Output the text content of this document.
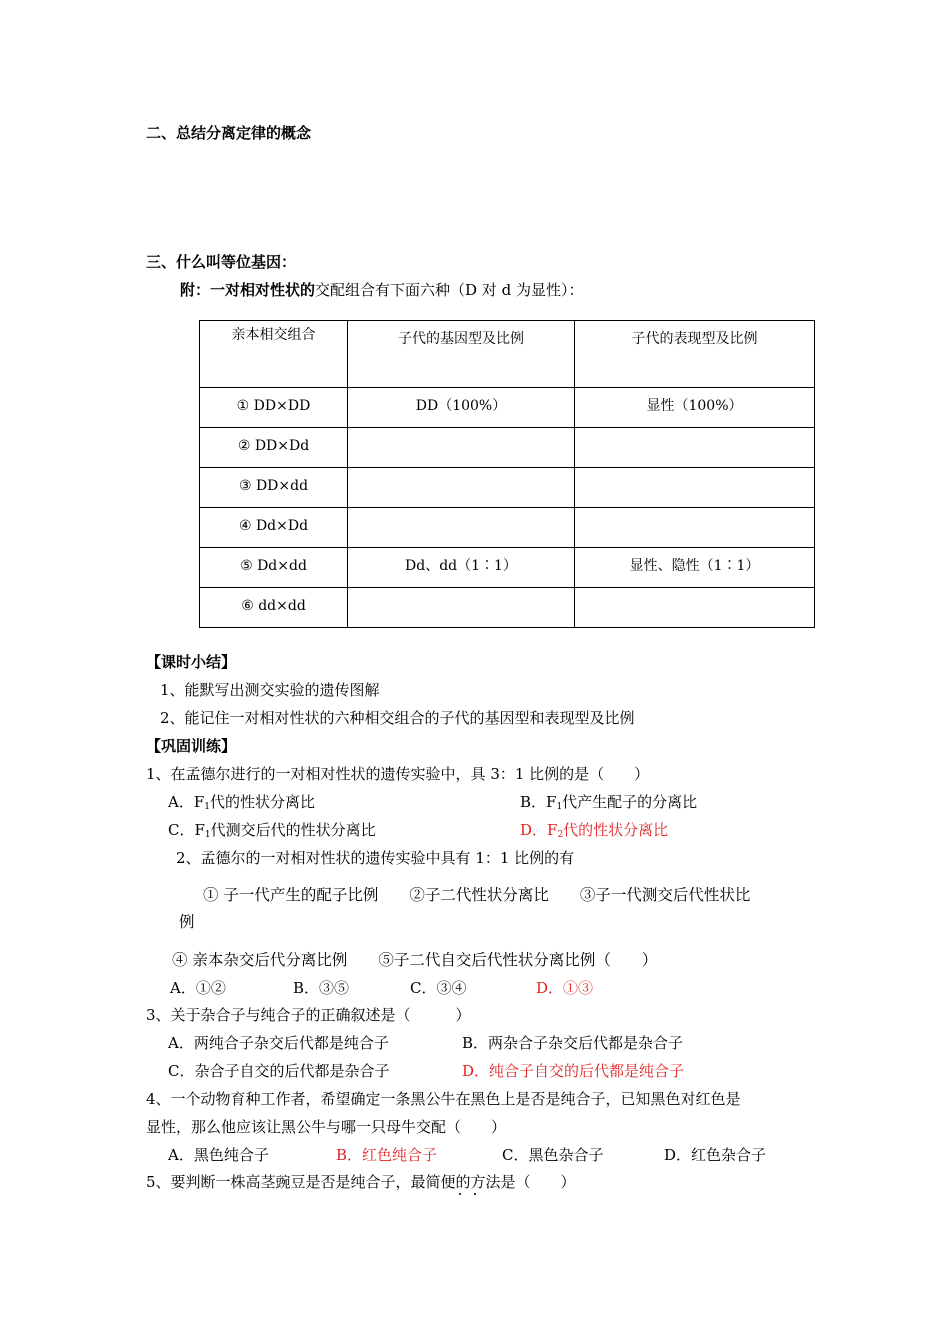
二、总结分离定律的概念
三、什么叫等位基因：
附：一对相对性状的交配组合有下面六种（D 对 d 为显性）：
亲本相交组合	子代的基因型及比例	子代的表现型及比例

① DD×DD	DD（100%）	显性（100%）

② DD×Dd		

③ DD×dd		

④ Dd×Dd		

⑤ Dd×dd	Dd、dd（1∶1）	显性、隐性（1∶1）

⑥ dd×dd		

【课时小结】
1、能默写出测交实验的遗传图解
2、能记住一对相对性状的六种相交组合的子代的基因型和表现型及比例
【巩固训练】
1、在孟德尔进行的一对相对性状的遗传实验中，具 3：1 比例的是（　　）
A．$F_1$代的性状分离比	B．$F_1$代产生配子的分离比
C．$F_1$代测交后代的性状分离比	D．$F_2$代的性状分离比
2、孟德尔的一对相对性状的遗传实验中具有 1：1 比例的有
① 子一代产生的配子比例　　②子二代性状分离比　　③子一代测交后代性状比
例
④ 亲本杂交后代分离比例　　⑤子二代自交后代性状分离比例（　　）
A．①②	B．③⑤	C．③④	D．①③
3、关于杂合子与纯合子的正确叙述是（　　　）
A．两纯合子杂交后代都是纯合子	B．两杂合子杂交后代都是杂合子
C．杂合子自交的后代都是杂合子	D．纯合子自交的后代都是纯合子
4、一个动物育种工作者，希望确定一条黑公牛在黑色上是否是纯合子，已知黑色对红色是
显性，那么他应该让黑公牛与哪一只母牛交配（　　）
A．黑色纯合子	B．红色纯合子	C．黑色杂合子	D．红色杂合子
5、要判断一株高茎豌豆是否是纯合子，最简便的方法是（　　）
